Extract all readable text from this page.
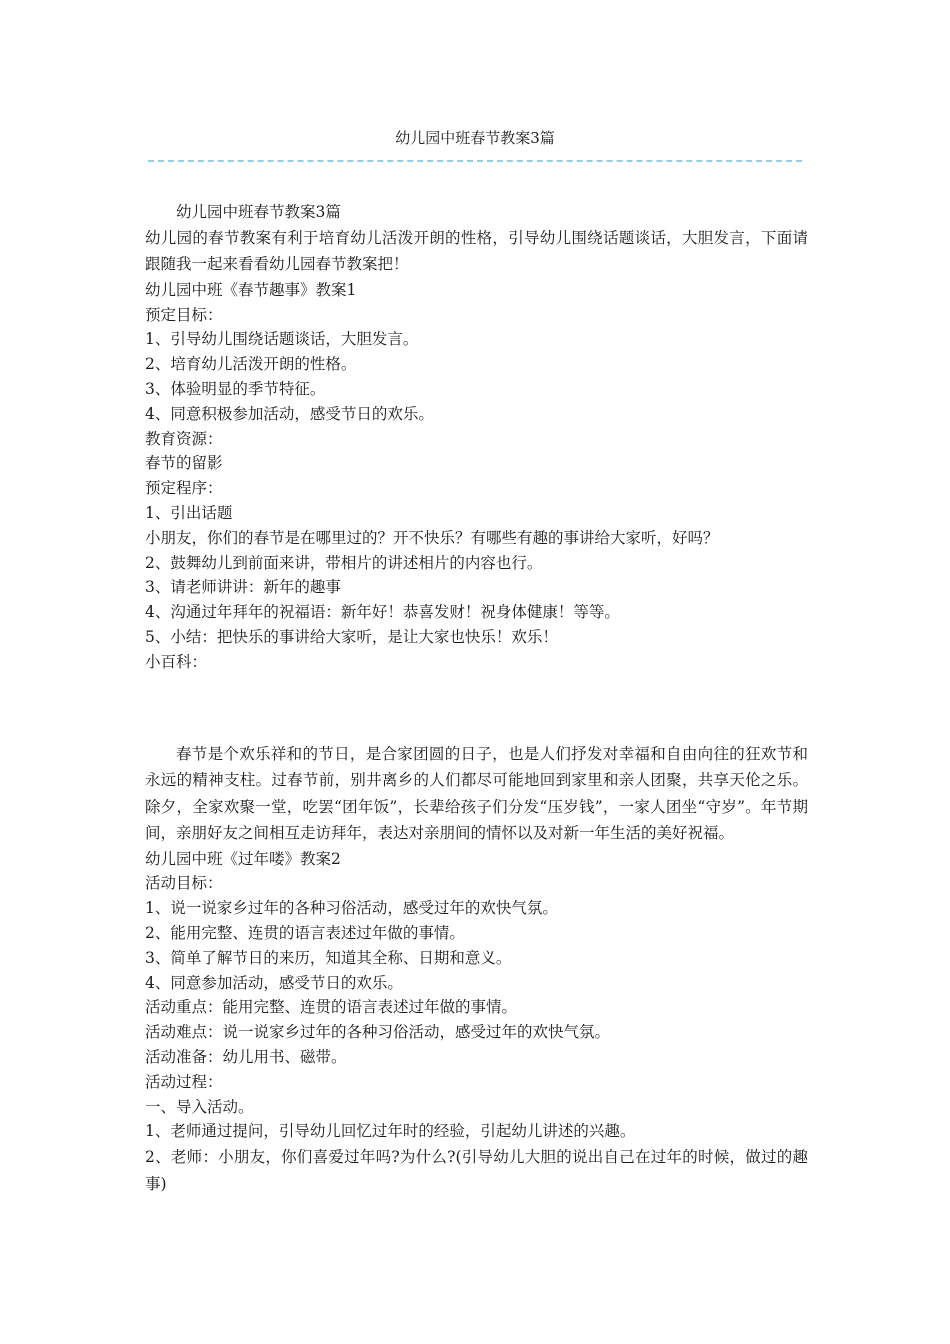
幼儿园中班春节教案3篇

幼儿园中班春节教案3篇

幼儿园的春节教案有利于培育幼儿活泼开朗的性格，引导幼儿围绕话题谈话，大胆发言，下面请跟随我一起来看看幼儿园春节教案把！

幼儿园中班《春节趣事》教案1

预定目标：

1、引导幼儿围绕话题谈话，大胆发言。

2、培育幼儿活泼开朗的性格。

3、体验明显的季节特征。

4、同意积极参加活动，感受节日的欢乐。

教育资源：

春节的留影

预定程序：

1、引出话题

小朋友，你们的春节是在哪里过的？开不快乐？有哪些有趣的事讲给大家听，好吗？

2、鼓舞幼儿到前面来讲，带相片的讲述相片的内容也行。

3、请老师讲讲：新年的趣事

4、沟通过年拜年的祝福语：新年好！恭喜发财！祝身体健康！等等。

5、小结：把快乐的事讲给大家听，是让大家也快乐！欢乐！

小百科：

春节是个欢乐祥和的节日，是合家团圆的日子，也是人们抒发对幸福和自由向往的狂欢节和永远的精神支柱。过春节前，别井离乡的人们都尽可能地回到家里和亲人团聚，共享天伦之乐。除夕，全家欢聚一堂，吃罢“团年饭”，长辈给孩子们分发“压岁钱”，一家人团坐“守岁”。年节期间，亲朋好友之间相互走访拜年，表达对亲朋间的情怀以及对新一年生活的美好祝福。

幼儿园中班《过年喽》教案2

活动目标：

1、说一说家乡过年的各种习俗活动，感受过年的欢快气氛。

2、能用完整、连贯的语言表述过年做的事情。

3、简单了解节日的来历，知道其全称、日期和意义。

4、同意参加活动，感受节日的欢乐。

活动重点：能用完整、连贯的语言表述过年做的事情。

活动难点：说一说家乡过年的各种习俗活动，感受过年的欢快气氛。

活动准备：幼儿用书、磁带。

活动过程：

一、导入活动。

1、老师通过提问，引导幼儿回忆过年时的经验，引起幼儿讲述的兴趣。

2、老师：小朋友，你们喜爱过年吗?为什么?(引导幼儿大胆的说出自己在过年的时候，做过的趣事)
